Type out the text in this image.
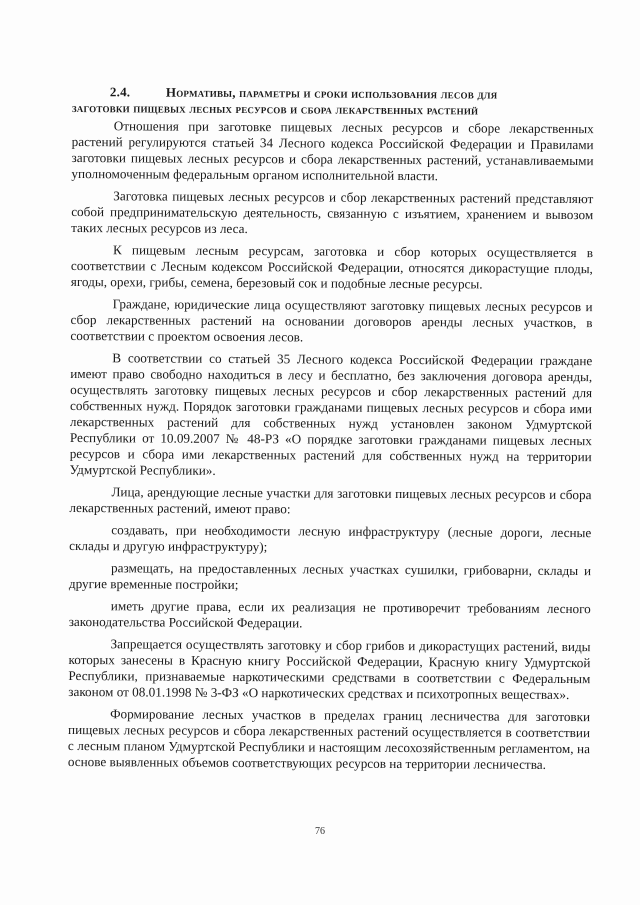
2.4.	Нормативы, параметры и сроки использования лесов для
заготовки пищевых лесных ресурсов и сбора лекарственных растений

Отношения при заготовке пищевых лесных ресурсов и сборе лекарственных растений регулируются статьей 34 Лесного кодекса Российской Федерации и Правилами заготовки пищевых лесных ресурсов и сбора лекарственных растений, устанавливаемыми уполномоченным федеральным органом исполнительной власти.

Заготовка пищевых лесных ресурсов и сбор лекарственных растений представляют собой предпринимательскую деятельность, связанную с изъятием, хранением и вывозом таких лесных ресурсов из леса.

К пищевым лесным ресурсам, заготовка и сбор которых осуществляется в соответствии с Лесным кодексом Российской Федерации, относятся дикорастущие плоды, ягоды, орехи, грибы, семена, березовый сок и подобные лесные ресурсы.

Граждане, юридические лица осуществляют заготовку пищевых лесных ресурсов и сбор лекарственных растений на основании договоров аренды лесных участков, в соответствии с проектом освоения лесов.

В соответствии со статьей 35 Лесного кодекса Российской Федерации граждане имеют право свободно находиться в лесу и бесплатно, без заключения договора аренды, осуществлять заготовку пищевых лесных ресурсов и сбор лекарственных растений для собственных нужд. Порядок заготовки гражданами пищевых лесных ресурсов и сбора ими лекарственных растений для собственных нужд установлен законом Удмуртской Республики от 10.09.2007 № 48-РЗ «О порядке заготовки гражданами пищевых лесных ресурсов и сбора ими лекарственных растений для собственных нужд на территории Удмуртской Республики».

Лица, арендующие лесные участки для заготовки пищевых лесных ресурсов и сбора лекарственных растений, имеют право:

создавать, при необходимости лесную инфраструктуру (лесные дороги, лесные склады и другую инфраструктуру);

размещать, на предоставленных лесных участках сушилки, грибоварни, склады и другие временные постройки;

иметь другие права, если их реализация не противоречит требованиям лесного законодательства Российской Федерации.

Запрещается осуществлять заготовку и сбор грибов и дикорастущих растений, виды которых занесены в Красную книгу Российской Федерации, Красную книгу Удмуртской Республики, признаваемые наркотическими средствами в соответствии с Федеральным законом от 08.01.1998 № 3-ФЗ «О наркотических средствах и психотропных веществах».

Формирование лесных участков в пределах границ лесничества для заготовки пищевых лесных ресурсов и сбора лекарственных растений осуществляется в соответствии с лесным планом Удмуртской Республики и настоящим лесохозяйственным регламентом, на основе выявленных объемов соответствующих ресурсов на территории лесничества.

76
